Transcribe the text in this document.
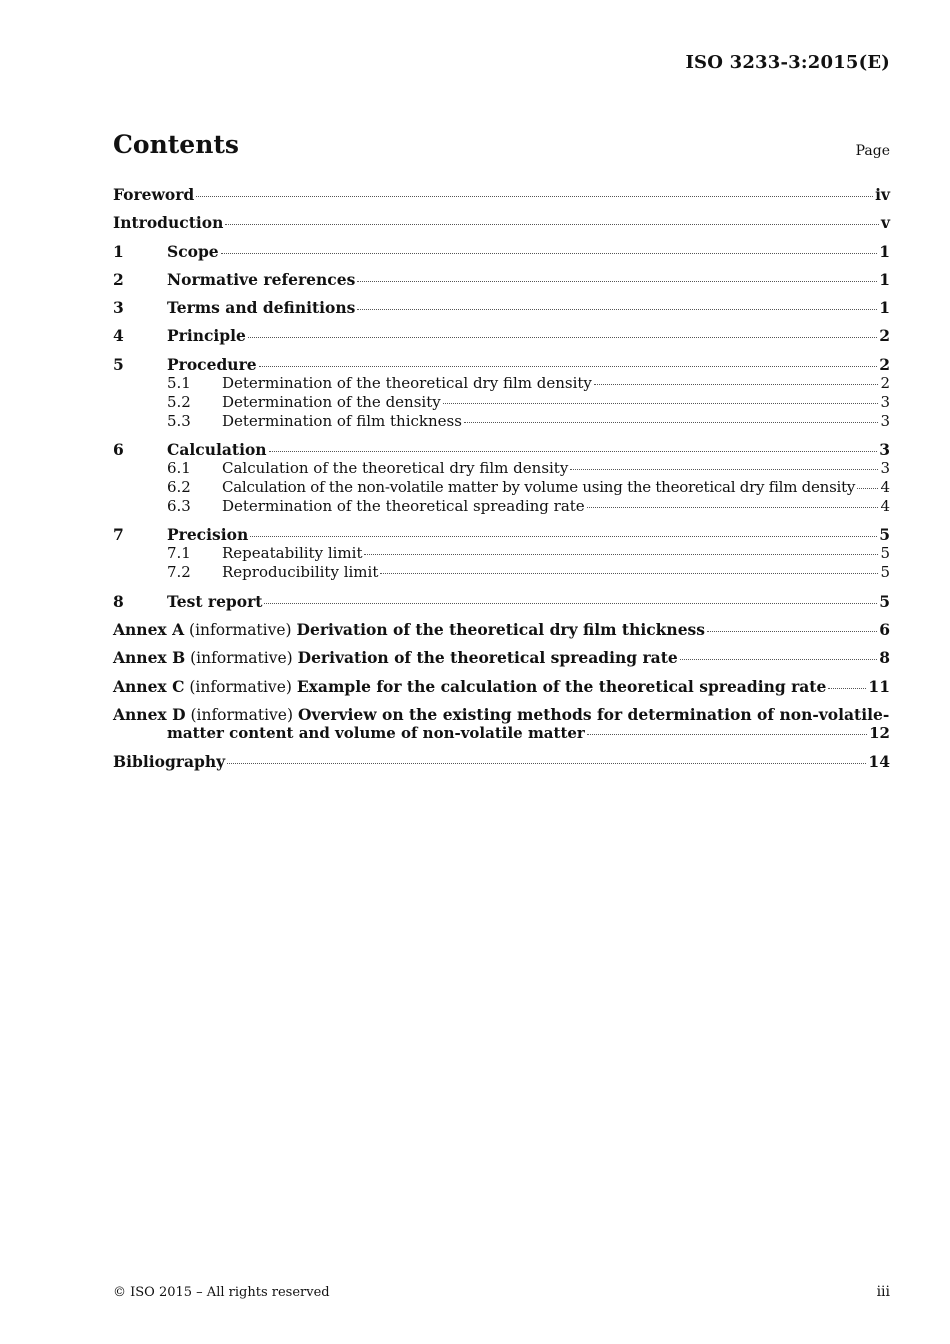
ISO 3233-3:2015(E)
Contents	Page
Foreword	iv
Introduction	v
1	Scope	1
2	Normative references	1
3	Terms and definitions	1
4	Principle	2
5	Procedure	2
5.1	Determination of the theoretical dry film density	2
5.2	Determination of the density	3
5.3	Determination of film thickness	3
6	Calculation	3
6.1	Calculation of the theoretical dry film density	3
6.2	Calculation of the non-volatile matter by volume using the theoretical dry film density 4
6.3	Determination of the theoretical spreading rate	4
7	Precision	5
7.1	Repeatability limit	5
7.2	Reproducibility limit	5
8	Test report	5
Annex A (informative) Derivation of the theoretical dry film thickness	6
Annex B (informative) Derivation of the theoretical spreading rate	8
Annex C (informative) Example for the calculation of the theoretical spreading rate	11
Annex D (informative) Overview on the existing methods for determination of non-volatile-
matter content and volume of non-volatile matter	12
Bibliography	14
© ISO 2015 – All rights reserved	iii
